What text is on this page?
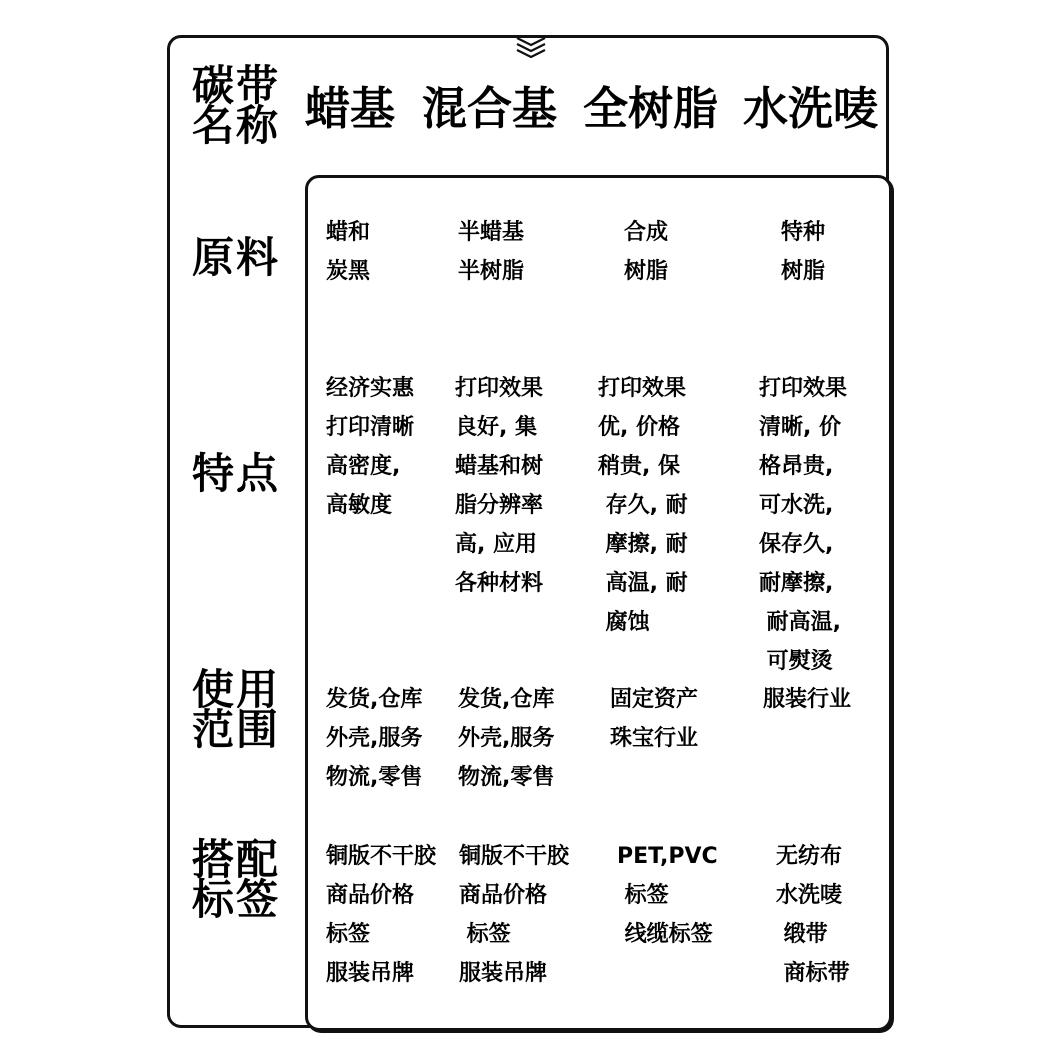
碳带
名称 蜡基 混合基 全树脂 水洗唛
原料
蜡和
炭黑
半蜡基
半树脂
合成
树脂
特种
树脂
特点
经济实惠
打印清晰
高密度,
高敏度
打印效果
良好, 集
蜡基和树
脂分辨率
高, 应用
各种材料
打印效果
优, 价格
稍贵, 保
存久, 耐
摩擦, 耐
高温, 耐
腐蚀
打印效果
清晰, 价
格昂贵,
可水洗,
保存久,
耐摩擦,
耐高温,
可熨烫
使用
范围
发货,仓库
外壳,服务
物流,零售
发货,仓库
外壳,服务
物流,零售
固定资产
珠宝行业
服装行业
搭配
标签
铜版不干胶
商品价格
标签
服装吊牌
铜版不干胶
商品价格
标签
服装吊牌
PET,PVC
标签
线缆标签
无纺布
水洗唛
缎带
商标带
